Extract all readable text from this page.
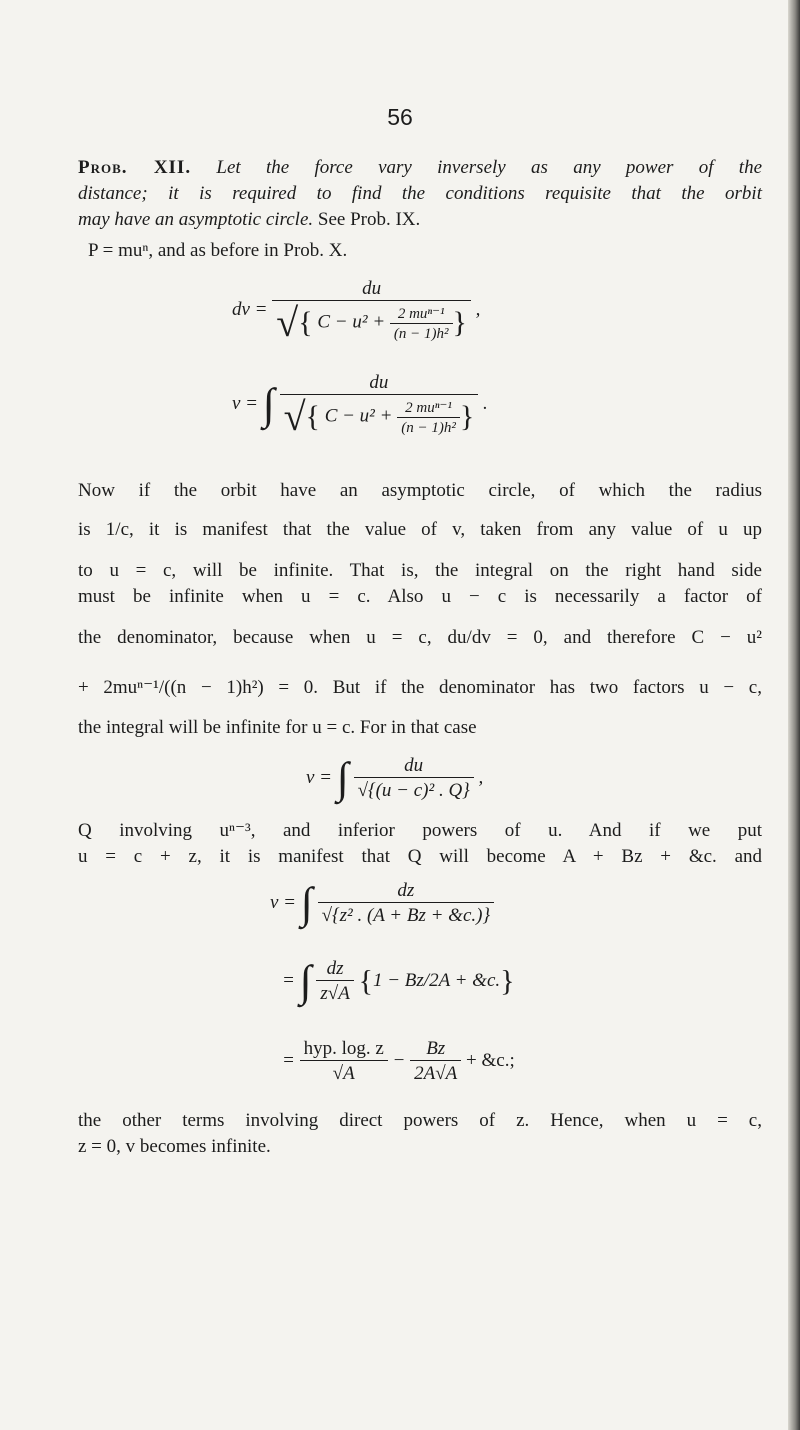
56
Prob. XII. Let the force vary inversely as any power of the
distance; it is required to find the conditions requisite that the orbit
may have an asymptotic circle. See Prob. IX.
P = muⁿ, and as before in Prob. X.
dv = $\frac{du}{√\{ C - u^2 + \frac{\text{2 muⁿ⁻¹}}{\text{(n − 1)h²}} \}}$ ,
v = ∫ $\frac{du}{√\{ C - u^2 + \frac{\text{2 muⁿ⁻¹}}{\text{(n − 1)h²}} \}}$ .
Now if the orbit have an asymptotic circle, of which the radius
is 1/c, it is manifest that the value of v, taken from any value of u up
to u = c, will be infinite. That is, the integral on the right hand side
must be infinite when u = c. Also u − c is necessarily a factor of
the denominator, because when u = c, du/dv = 0, and therefore C − u²
+ 2muⁿ⁻¹/((n − 1)h²) = 0. But if the denominator has two factors u − c,
the integral will be infinite for u = c. For in that case
v = ∫ $\frac{du}{\text{√\{(u − c)² . Q\}}}$ ,
Q involving uⁿ⁻³, and inferior powers of u. And if we put
u = c + z, it is manifest that Q will become A + Bz + &c. and
v = ∫ $\frac{dz}{\text{√\{z² . (A + Bz + \&c.)\}}}$
= ∫ $\frac{dz}{z√A} \{1 - Bz/2A$ + &c.}
= $\frac{\text{hyp. log. z}}{√A} - \frac{Bz}{2A√A}$ + &c.;
the other terms involving direct powers of z. Hence, when u = c,
z = 0, v becomes infinite.
